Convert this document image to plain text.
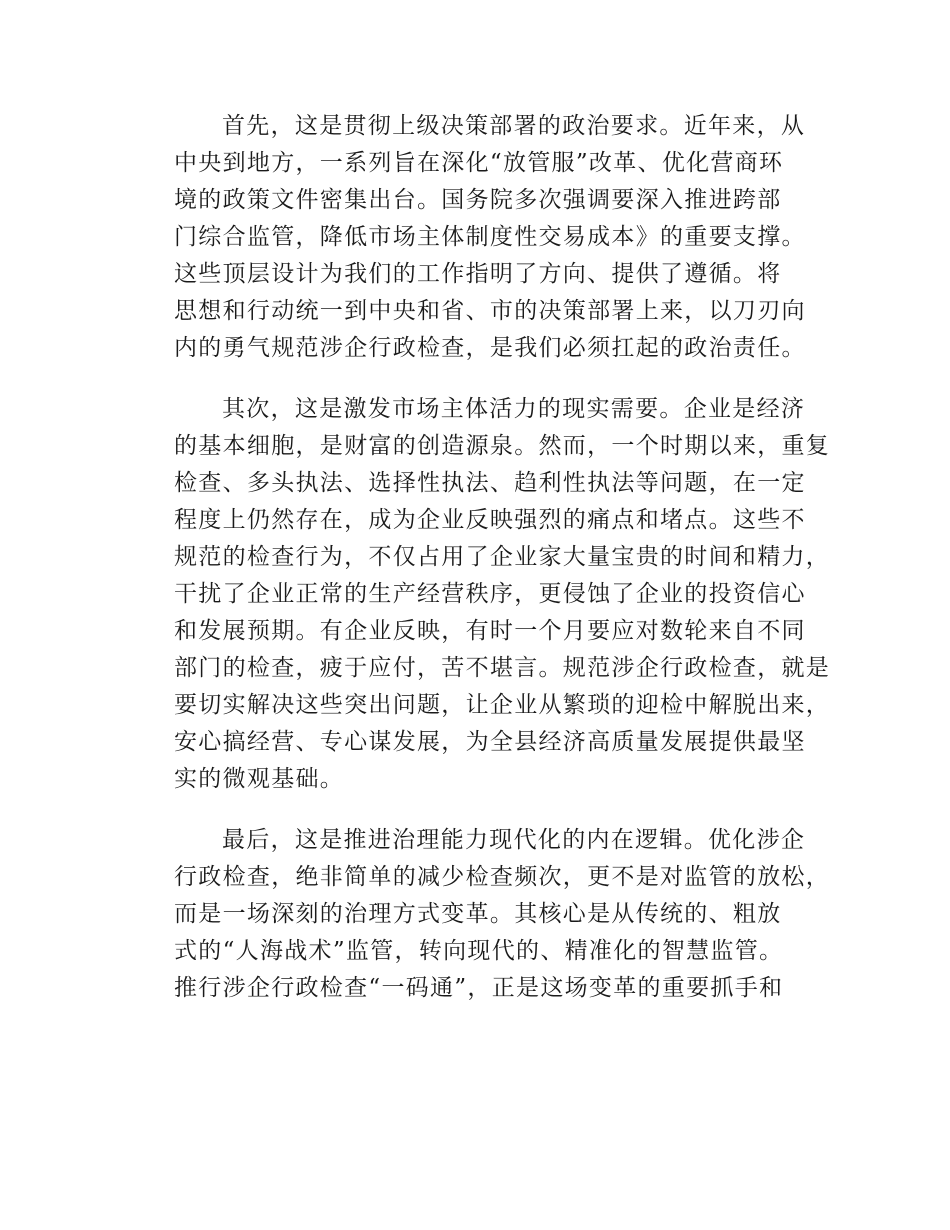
首先，这是贯彻上级决策部署的政治要求。近年来，从
中央到地方，一系列旨在深化“放管服”改革、优化营商环
境的政策文件密集出台。国务院多次强调要深入推进跨部
门综合监管，降低市场主体制度性交易成本》的重要支撑。
这些顶层设计为我们的工作指明了方向、提供了遵循。将
思想和行动统一到中央和省、市的决策部署上来，以刀刃向
内的勇气规范涉企行政检查，是我们必须扛起的政治责任。
其次，这是激发市场主体活力的现实需要。企业是经济
的基本细胞，是财富的创造源泉。然而，一个时期以来，重复
检查、多头执法、选择性执法、趋利性执法等问题，在一定
程度上仍然存在，成为企业反映强烈的痛点和堵点。这些不
规范的检查行为，不仅占用了企业家大量宝贵的时间和精力，
干扰了企业正常的生产经营秩序，更侵蚀了企业的投资信心
和发展预期。有企业反映，有时一个月要应对数轮来自不同
部门的检查，疲于应付，苦不堪言。规范涉企行政检查，就是
要切实解决这些突出问题，让企业从繁琐的迎检中解脱出来，
安心搞经营、专心谋发展，为全县经济高质量发展提供最坚
实的微观基础。
最后，这是推进治理能力现代化的内在逻辑。优化涉企
行政检查，绝非简单的减少检查频次，更不是对监管的放松，
而是一场深刻的治理方式变革。其核心是从传统的、粗放
式的“人海战术”监管，转向现代的、精准化的智慧监管。
推行涉企行政检查“一码通”，正是这场变革的重要抓手和
